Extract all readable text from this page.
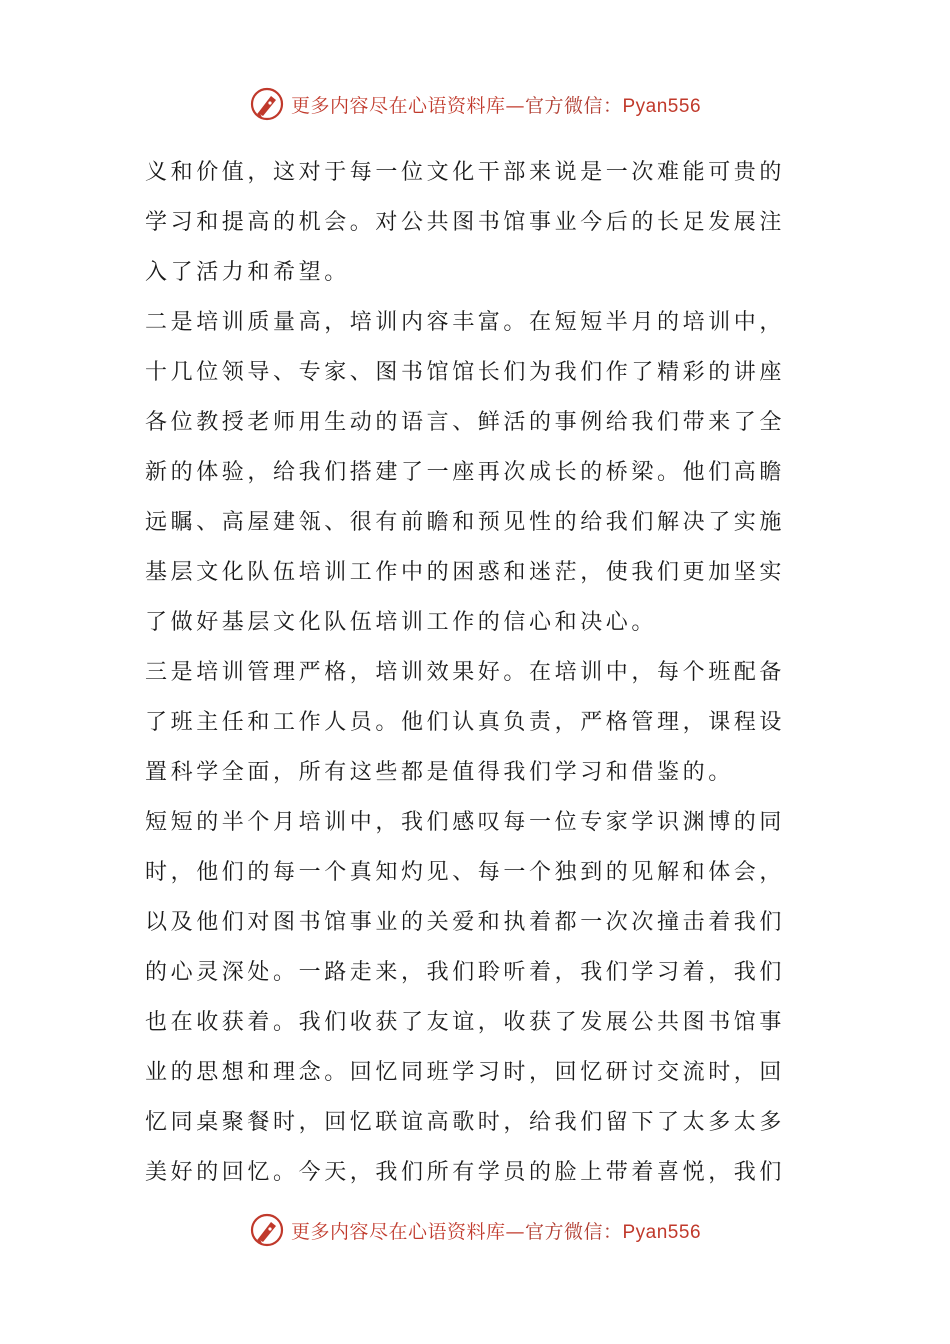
更多内容尽在心语资料库—官方微信：Pyan556
义和价值，这对于每一位文化干部来说是一次难能可贵的
学习和提高的机会。对公共图书馆事业今后的长足发展注
入了活力和希望。
二是培训质量高，培训内容丰富。在短短半月的培训中，
十几位领导、专家、图书馆馆长们为我们作了精彩的讲座
各位教授老师用生动的语言、鲜活的事例给我们带来了全
新的体验，给我们搭建了一座再次成长的桥梁。他们高瞻
远瞩、高屋建瓴、很有前瞻和预见性的给我们解决了实施
基层文化队伍培训工作中的困惑和迷茫，使我们更加坚实
了做好基层文化队伍培训工作的信心和决心。
三是培训管理严格，培训效果好。在培训中，每个班配备
了班主任和工作人员。他们认真负责，严格管理，课程设
置科学全面，所有这些都是值得我们学习和借鉴的。
短短的半个月培训中，我们感叹每一位专家学识渊博的同
时，他们的每一个真知灼见、每一个独到的见解和体会，
以及他们对图书馆事业的关爱和执着都一次次撞击着我们
的心灵深处。一路走来，我们聆听着，我们学习着，我们
也在收获着。我们收获了友谊，收获了发展公共图书馆事
业的思想和理念。回忆同班学习时，回忆研讨交流时，回
忆同桌聚餐时，回忆联谊高歌时，给我们留下了太多太多
美好的回忆。今天，我们所有学员的脸上带着喜悦，我们
更多内容尽在心语资料库—官方微信：Pyan556
